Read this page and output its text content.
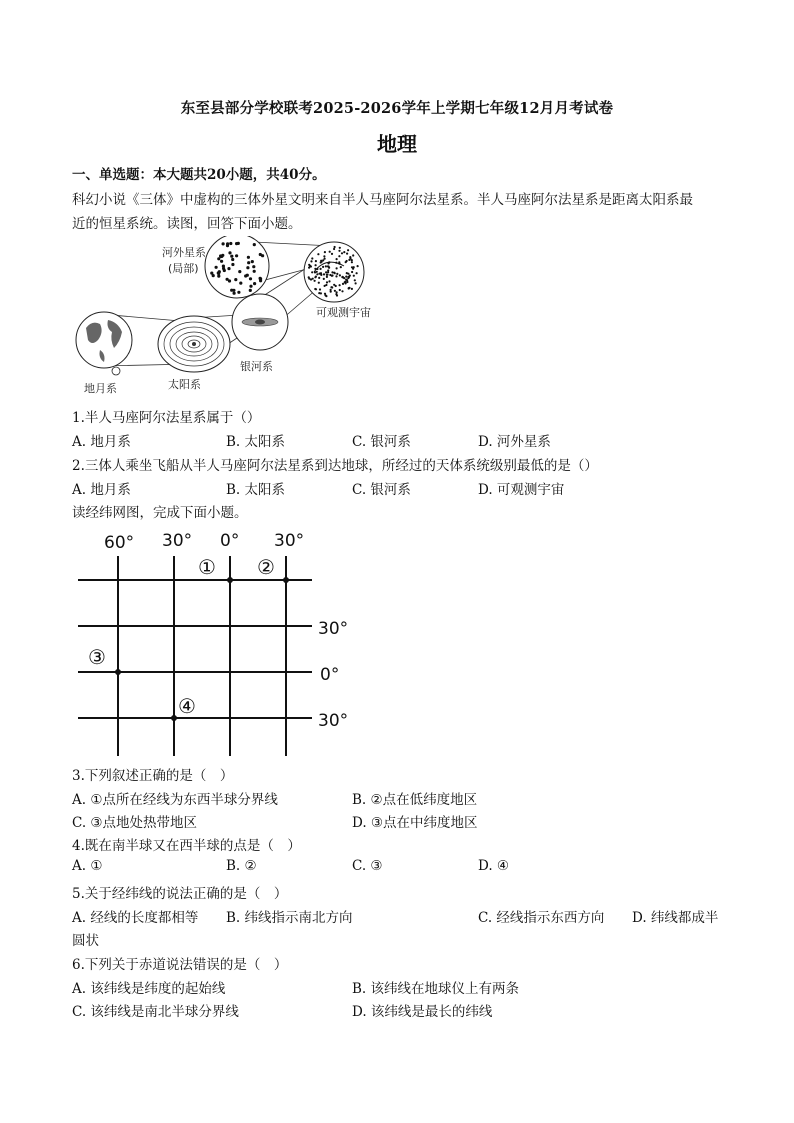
东至县部分学校联考2025-2026学年上学期七年级12月月考试卷
地理
一、单选题：本大题共20小题，共40分。
科幻小说《三体》中虚构的三体外星文明来自半人马座阿尔法星系。半人马座阿尔法星系是距离太阳系最
近的恒星系统。读图，回答下面小题。
河外星系
(局部)
可观测宇宙
银河系
太阳系
地月系
1.半人马座阿尔法星系属于（）
A. 地月系	B. 太阳系	C. 银河系	D. 河外星系
2.三体人乘坐飞船从半人马座阿尔法星系到达地球，所经过的天体系统级别最低的是（）
A. 地月系	B. 太阳系	C. 银河系	D. 可观测宇宙
读经纬网图，完成下面小题。
60° 30° 0° 30°
30°
0°
30°
① ②
③
④
3.下列叙述正确的是（　）
A. ①点所在经线为东西半球分界线	B. ②点在低纬度地区
C. ③点地处热带地区	D. ③点在中纬度地区
4.既在南半球又在西半球的点是（　）
A. ①	B. ②	C. ③	D. ④
5.关于经纬线的说法正确的是（　）
A. 经线的长度都相等 B. 纬线指示南北方向	C. 经线指示东西方向 D. 纬线都成半
圆状
6.下列关于赤道说法错误的是（　）
A. 该纬线是纬度的起始线	B. 该纬线在地球仪上有两条
C. 该纬线是南北半球分界线	D. 该纬线是最长的纬线
